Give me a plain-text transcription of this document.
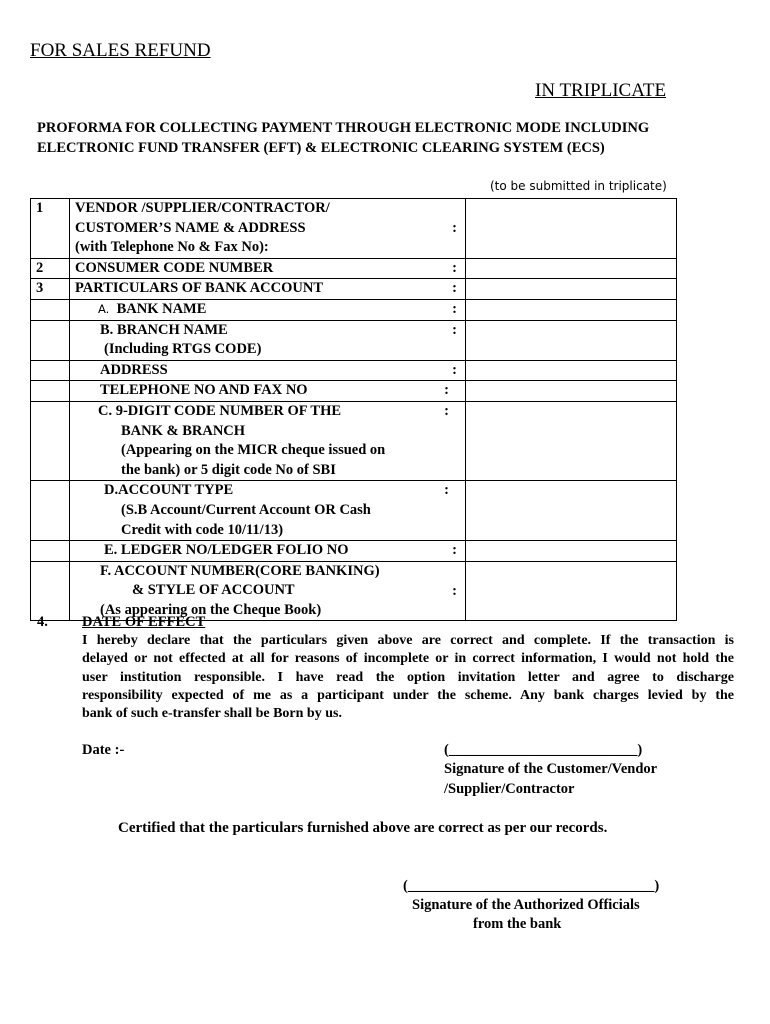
FOR SALES REFUND
IN TRIPLICATE
PROFORMA FOR COLLECTING PAYMENT THROUGH ELECTRONIC MODE INCLUDING
ELECTRONIC FUND TRANSFER (EFT) & ELECTRONIC CLEARING SYSTEM (ECS)
(to be submitted in triplicate)
1	VENDOR /SUPPLIER/CONTRACTOR/
CUSTOMER’S NAME & ADDRESS
(with Telephone No & Fax No):
:	

2	CONSUMER CODE NUMBER :	

3	PARTICULARS OF BANK ACCOUNT :	

	A. BANK NAME :	

	B. BRANCH NAME
(Including RTGS CODE)
:	

	ADDRESS :	

	TELEPHONE NO AND FAX NO :	

	C. 9-DIGIT CODE NUMBER OF THE
BANK & BRANCH
(Appearing on the MICR cheque issued on
the bank) or 5 digit code No of SBI
:	

	D.ACCOUNT TYPE
(S.B Account/Current Account OR Cash
Credit with code 10/11/13)
:	

	E. LEDGER NO/LEDGER FOLIO NO :	

	F. ACCOUNT NUMBER(CORE BANKING)
& STYLE OF ACCOUNT
(As appearing on the Cheque Book)
:	

4. DATE OF EFFECT
I hereby declare that the particulars given above are correct and complete. If the transaction is
delayed or not effected at all for reasons of incomplete or in correct information, I would not hold the
user institution responsible. I have read the option invitation letter and agree to discharge
responsibility expected of me as a participant under the scheme. Any bank charges levied by the
bank of such e-transfer shall be Born by us.
Date :-	(__________________________)
Signature of the Customer/Vendor
/Supplier/Contractor
Certified that the particulars furnished above are correct as per our records.
(__________________________________)
Signature of the Authorized Officials
from the bank
